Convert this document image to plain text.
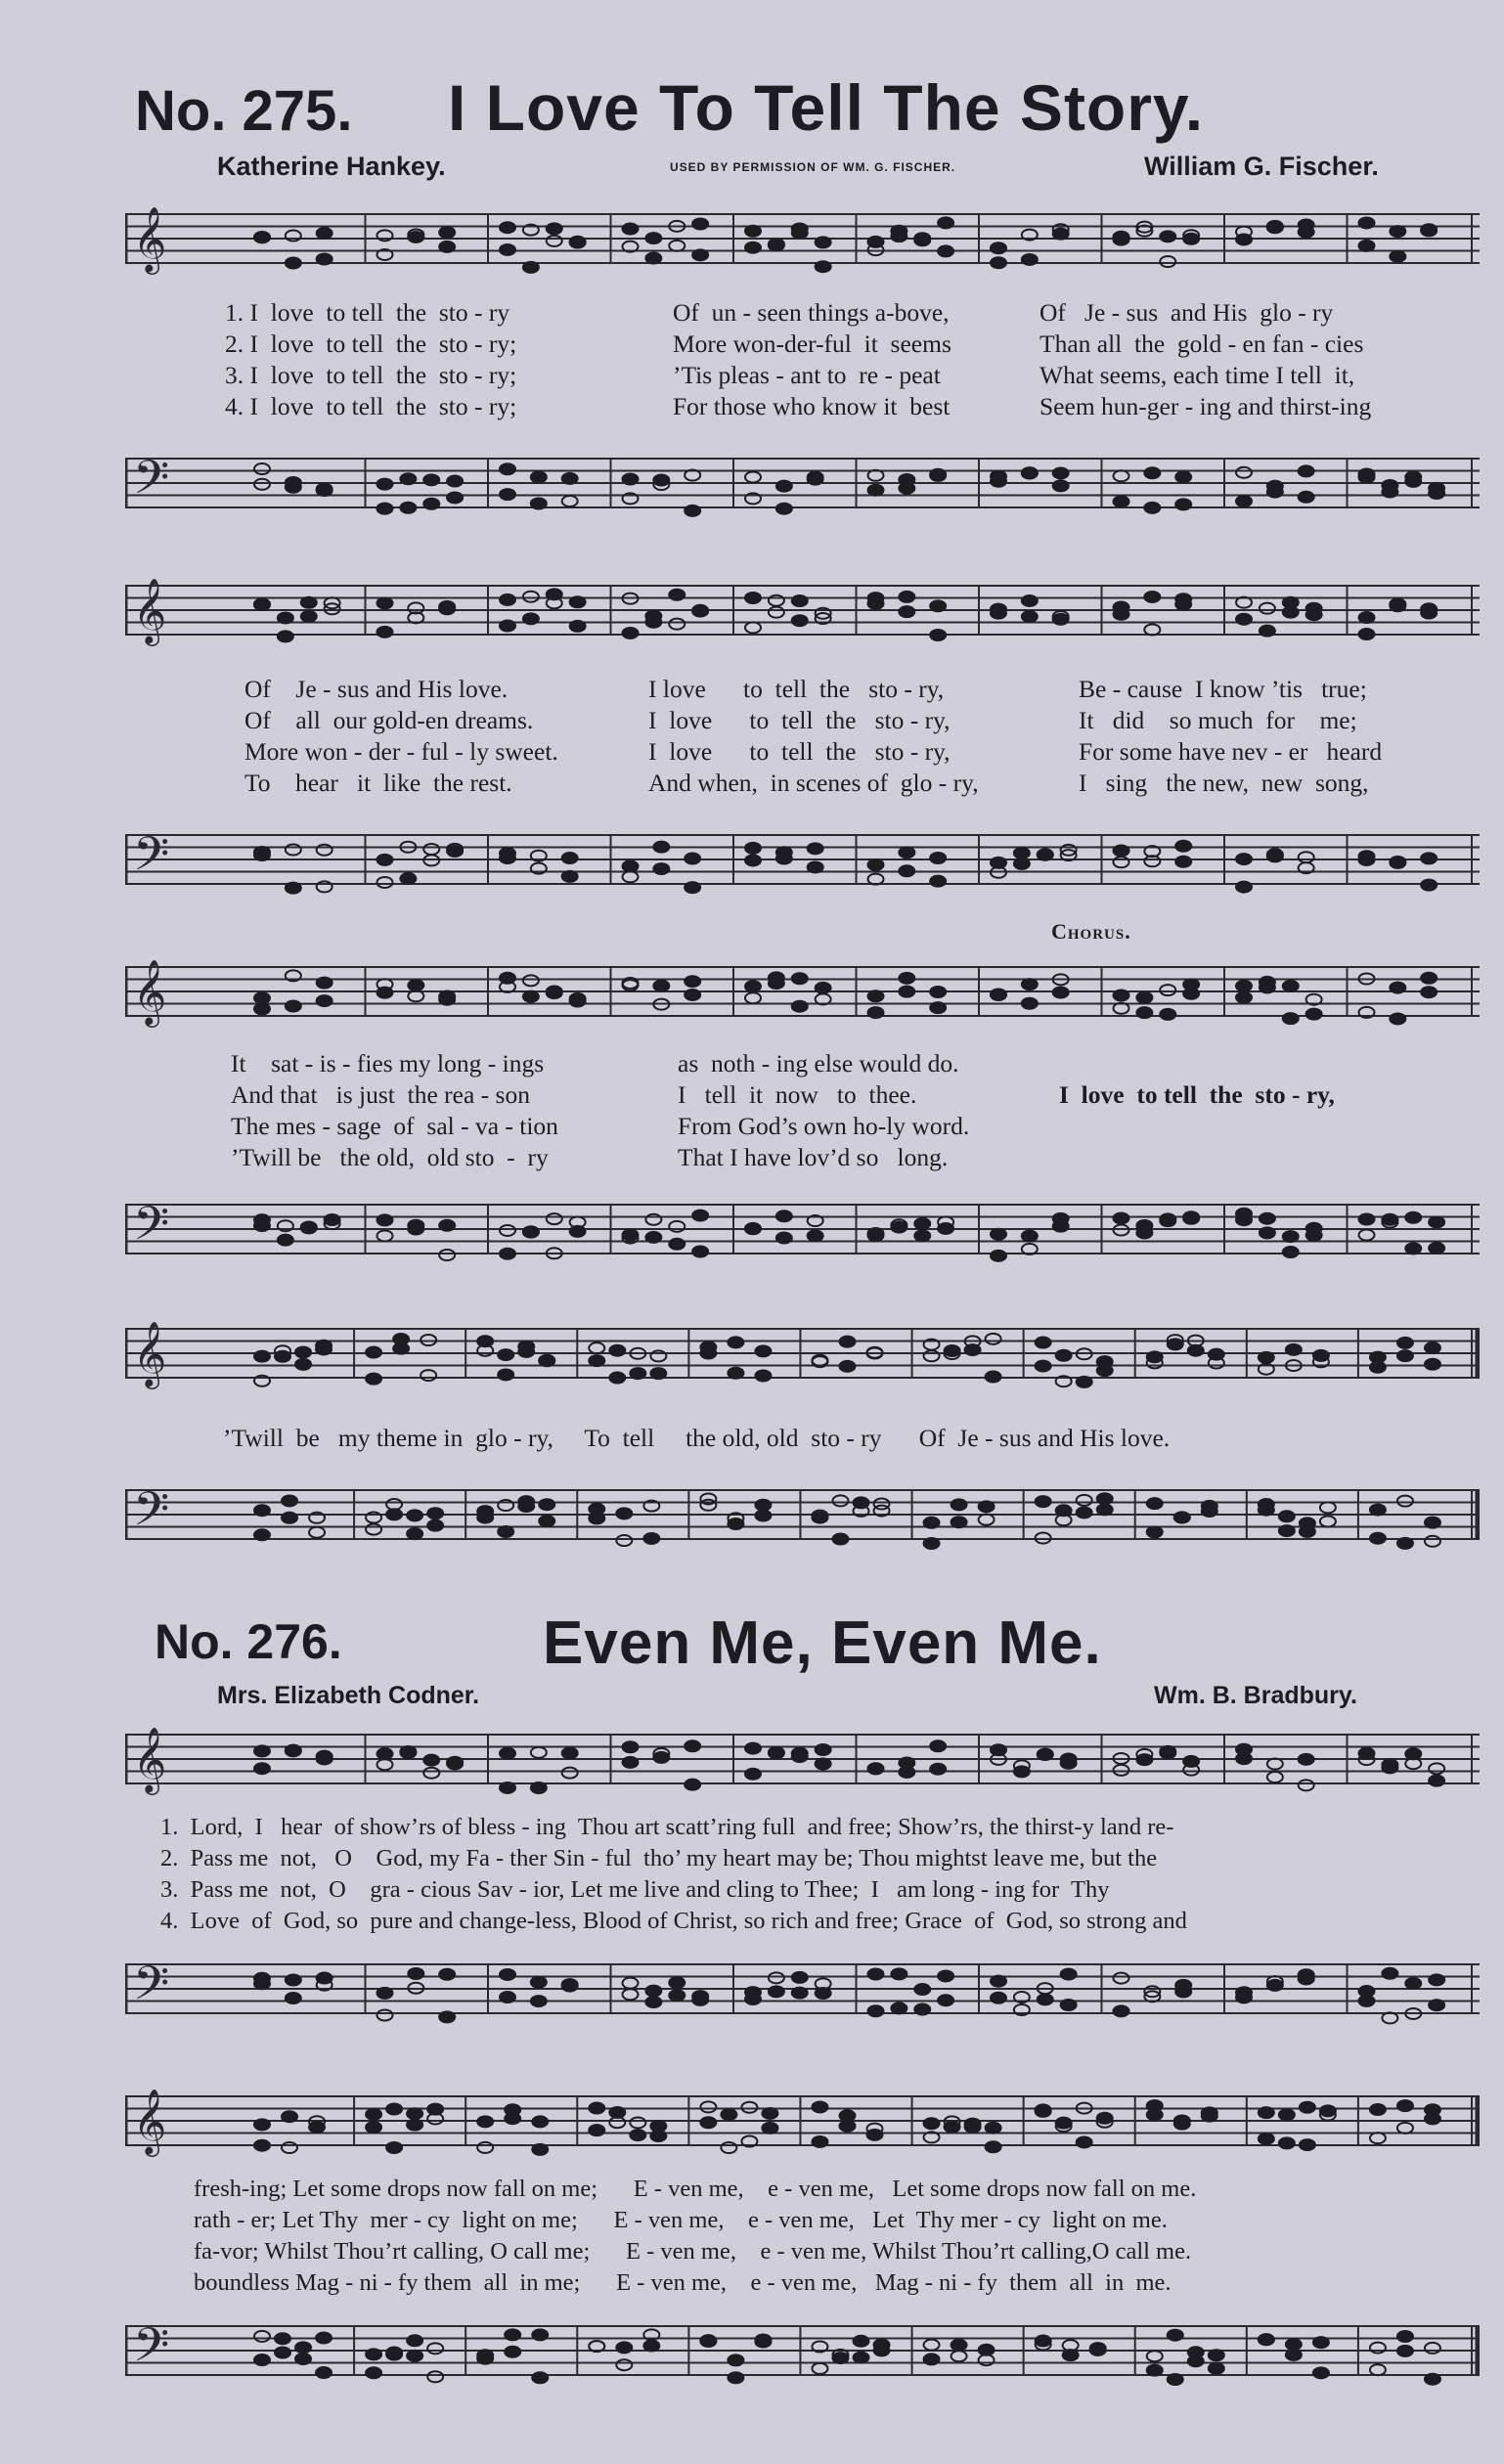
No. 275. I Love To Tell The Story.
Katherine Hankey.	USED BY PERMISSION OF WM. G. FISCHER.	William G. Fischer.
𝄞

1. I  love  to tell  the  sto - ry

2. I  love  to tell  the  sto - ry;

3. I  love  to tell  the  sto - ry;

4. I  love  to tell  the  sto - ry;

Of  un - seen things a-bove,

More won-der-ful  it  seems

’Tis pleas - ant to  re - peat

For those who know it  best

Of   Je - sus  and His  glo - ry

Than all  the  gold - en fan - cies

What seems, each time I tell  it,

Seem hun-ger - ing and thirst-ing

𝄢
𝄞

Of    Je - sus and His love.

Of    all  our gold-en dreams.

More won - der - ful - ly sweet.

To    hear   it  like  the rest.

I love      to  tell  the   sto - ry,

I  love      to  tell  the   sto - ry,

I  love      to  tell  the   sto - ry,

And when,  in scenes of  glo - ry,

Be - cause  I know ’tis   true;

It   did    so much  for    me;

For some have nev - er   heard

I   sing   the new,  new  song,

𝄢
Chorus.
𝄞

It    sat - is - fies my long - ings

And that   is just  the rea - son

The mes - sage  of  sal - va - tion

’Twill be   the old,  old sto  -  ry

as  noth - ing else would do.

I   tell  it  now   to  thee.

From God’s own ho-ly word.

That I have lov’d so   long.

I  love  to tell  the  sto - ry,

𝄢
𝄞

’Twill  be   my theme in  glo - ry,     To  tell     the old, old  sto - ry      Of  Je - sus and His love.

𝄢
No. 276.	Even Me, Even Me.
Mrs. Elizabeth Codner.	Wm. B. Bradbury.
𝄞

1.  Lord,  I   hear  of show’rs of bless - ing  Thou art scatt’ring full  and free; Show’rs, the thirst-y land re-

2.  Pass me  not,   O    God, my Fa - ther Sin - ful  tho’ my heart may be; Thou mightst leave me, but the

3.  Pass me  not,  O    gra - cious Sav - ior, Let me live and cling to Thee;  I   am long - ing for  Thy

4.  Love  of  God, so  pure and change-less, Blood of Christ, so rich and free; Grace  of  God, so strong and

𝄢
𝄞

fresh-ing; Let some drops now fall on me;      E - ven me,    e - ven me,   Let some drops now fall on me.

rath - er; Let Thy  mer - cy  light on me;      E - ven me,    e - ven me,   Let  Thy mer - cy  light on me.

fa-vor; Whilst Thou’rt calling, O call me;      E - ven me,    e - ven me, Whilst Thou’rt calling,O call me.

boundless Mag - ni - fy them  all  in me;      E - ven me,    e - ven me,   Mag - ni - fy  them  all  in  me.

𝄢
